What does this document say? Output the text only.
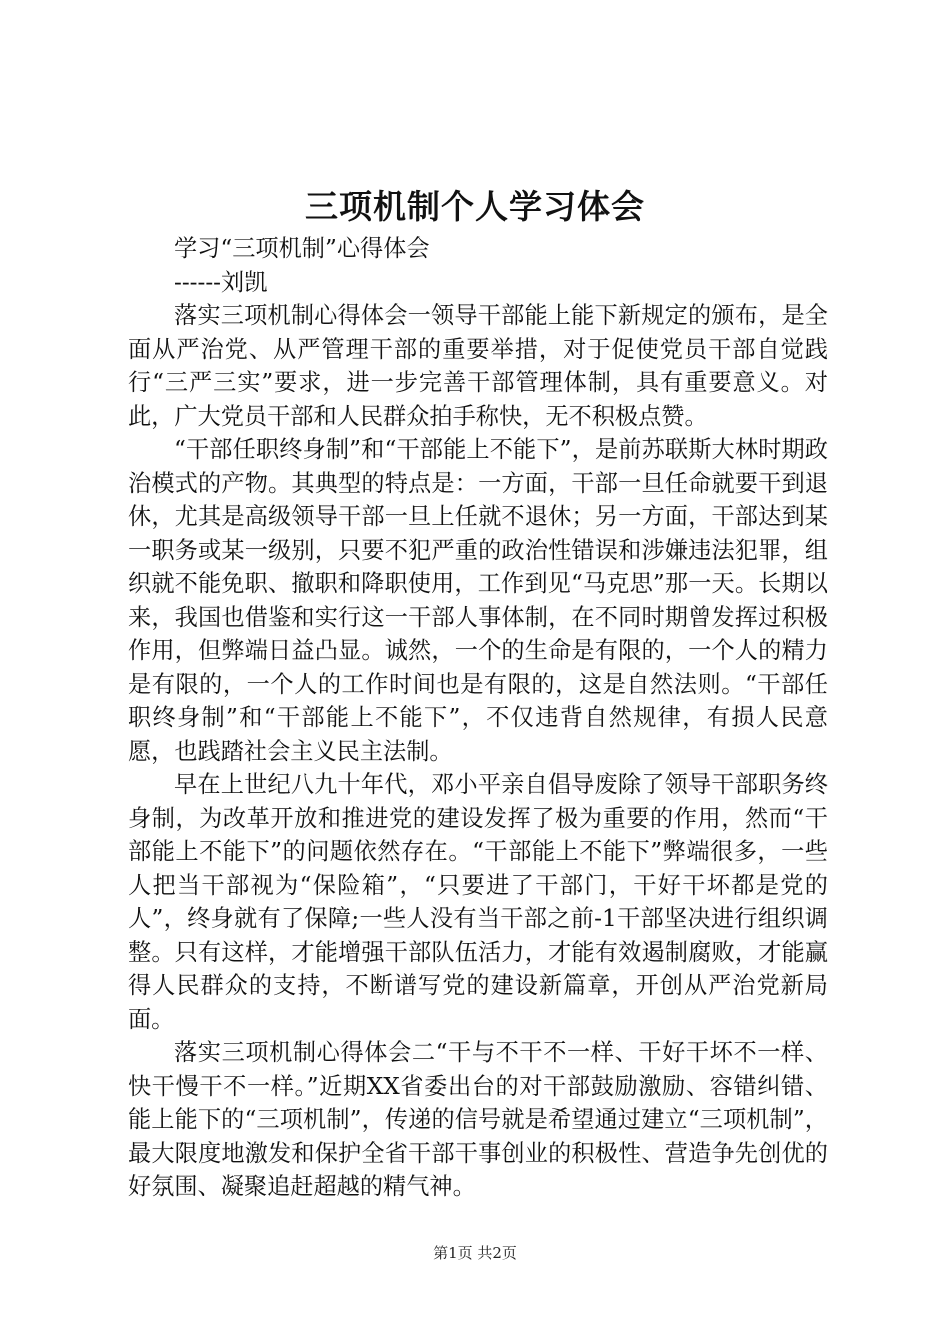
三项机制个人学习体会

学习“三项机制”心得体会

------刘凯

落实三项机制心得体会一领导干部能上能下新规定的颁布，是全面从严治党、从严管理干部的重要举措，对于促使党员干部自觉践行“三严三实”要求，进一步完善干部管理体制，具有重要意义。对此，广大党员干部和人民群众拍手称快，无不积极点赞。

“干部任职终身制”和“干部能上不能下”，是前苏联斯大林时期政治模式的产物。其典型的特点是：一方面，干部一旦任命就要干到退休，尤其是高级领导干部一旦上任就不退休；另一方面，干部达到某一职务或某一级别，只要不犯严重的政治性错误和涉嫌违法犯罪，组织就不能免职、撤职和降职使用，工作到见“马克思”那一天。长期以来，我国也借鉴和实行这一干部人事体制，在不同时期曾发挥过积极作用，但弊端日益凸显。诚然，一个的生命是有限的，一个人的精力是有限的，一个人的工作时间也是有限的，这是自然法则。“干部任职终身制”和“干部能上不能下”，不仅违背自然规律，有损人民意愿，也践踏社会主义民主法制。

早在上世纪八九十年代，邓小平亲自倡导废除了领导干部职务终身制，为改革开放和推进党的建设发挥了极为重要的作用，然而“干部能上不能下”的问题依然存在。“干部能上不能下”弊端很多，一些人把当干部视为“保险箱”，“只要进了干部门，干好干坏都是党的人”，终身就有了保障;一些人没有当干部之前-1干部坚决进行组织调整。只有这样，才能增强干部队伍活力，才能有效遏制腐败，才能赢得人民群众的支持，不断谱写党的建设新篇章，开创从严治党新局面。

落实三项机制心得体会二“干与不干不一样、干好干坏不一样、快干慢干不一样。”近期XX省委出台的对干部鼓励激励、容错纠错、能上能下的“三项机制”，传递的信号就是希望通过建立“三项机制”，最大限度地激发和保护全省干部干事创业的积极性、营造争先创优的好氛围、凝聚追赶超越的精气神。

第1页 共2页
